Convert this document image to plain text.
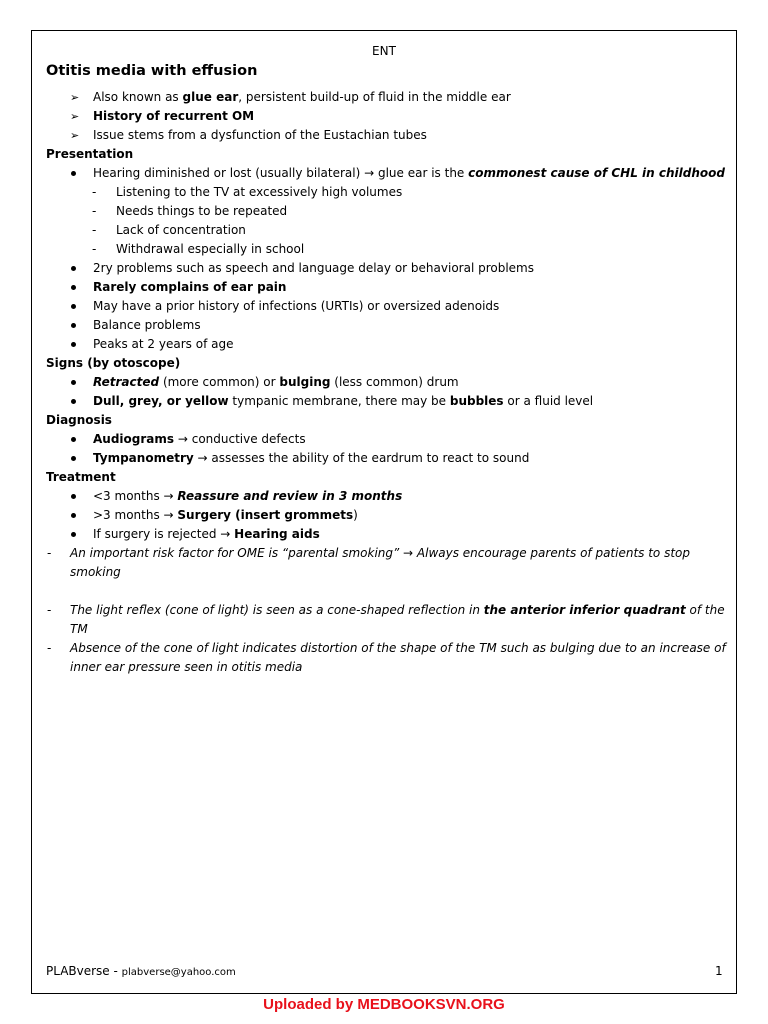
ENT
Otitis media with effusion
➢ Also known as glue ear, persistent build-up of fluid in the middle ear
➢ History of recurrent OM
➢ Issue stems from a dysfunction of the Eustachian tubes
Presentation
Hearing diminished or lost (usually bilateral) → glue ear is the commonest cause of CHL in childhood
- Listening to the TV at excessively high volumes
- Needs things to be repeated
- Lack of concentration
- Withdrawal especially in school
2ry problems such as speech and language delay or behavioral problems
Rarely complains of ear pain
May have a prior history of infections (URTIs) or oversized adenoids
Balance problems
Peaks at 2 years of age
Signs (by otoscope)
Retracted (more common) or bulging (less common) drum
Dull, grey, or yellow tympanic membrane, there may be bubbles or a fluid level
Diagnosis
Audiograms → conductive defects
Tympanometry → assesses the ability of the eardrum to react to sound
Treatment
<3 months → Reassure and review in 3 months
>3 months → Surgery (insert grommets)
If surgery is rejected → Hearing aids
- An important risk factor for OME is “parental smoking” → Always encourage parents of patients to stop smoking
- The light reflex (cone of light) is seen as a cone-shaped reflection in the anterior inferior quadrant of the TM
- Absence of the cone of light indicates distortion of the shape of the TM such as bulging due to an increase of inner ear pressure seen in otitis media
PLABverse - plabverse@yahoo.com	1
Uploaded by MEDBOOKSVN.ORG
